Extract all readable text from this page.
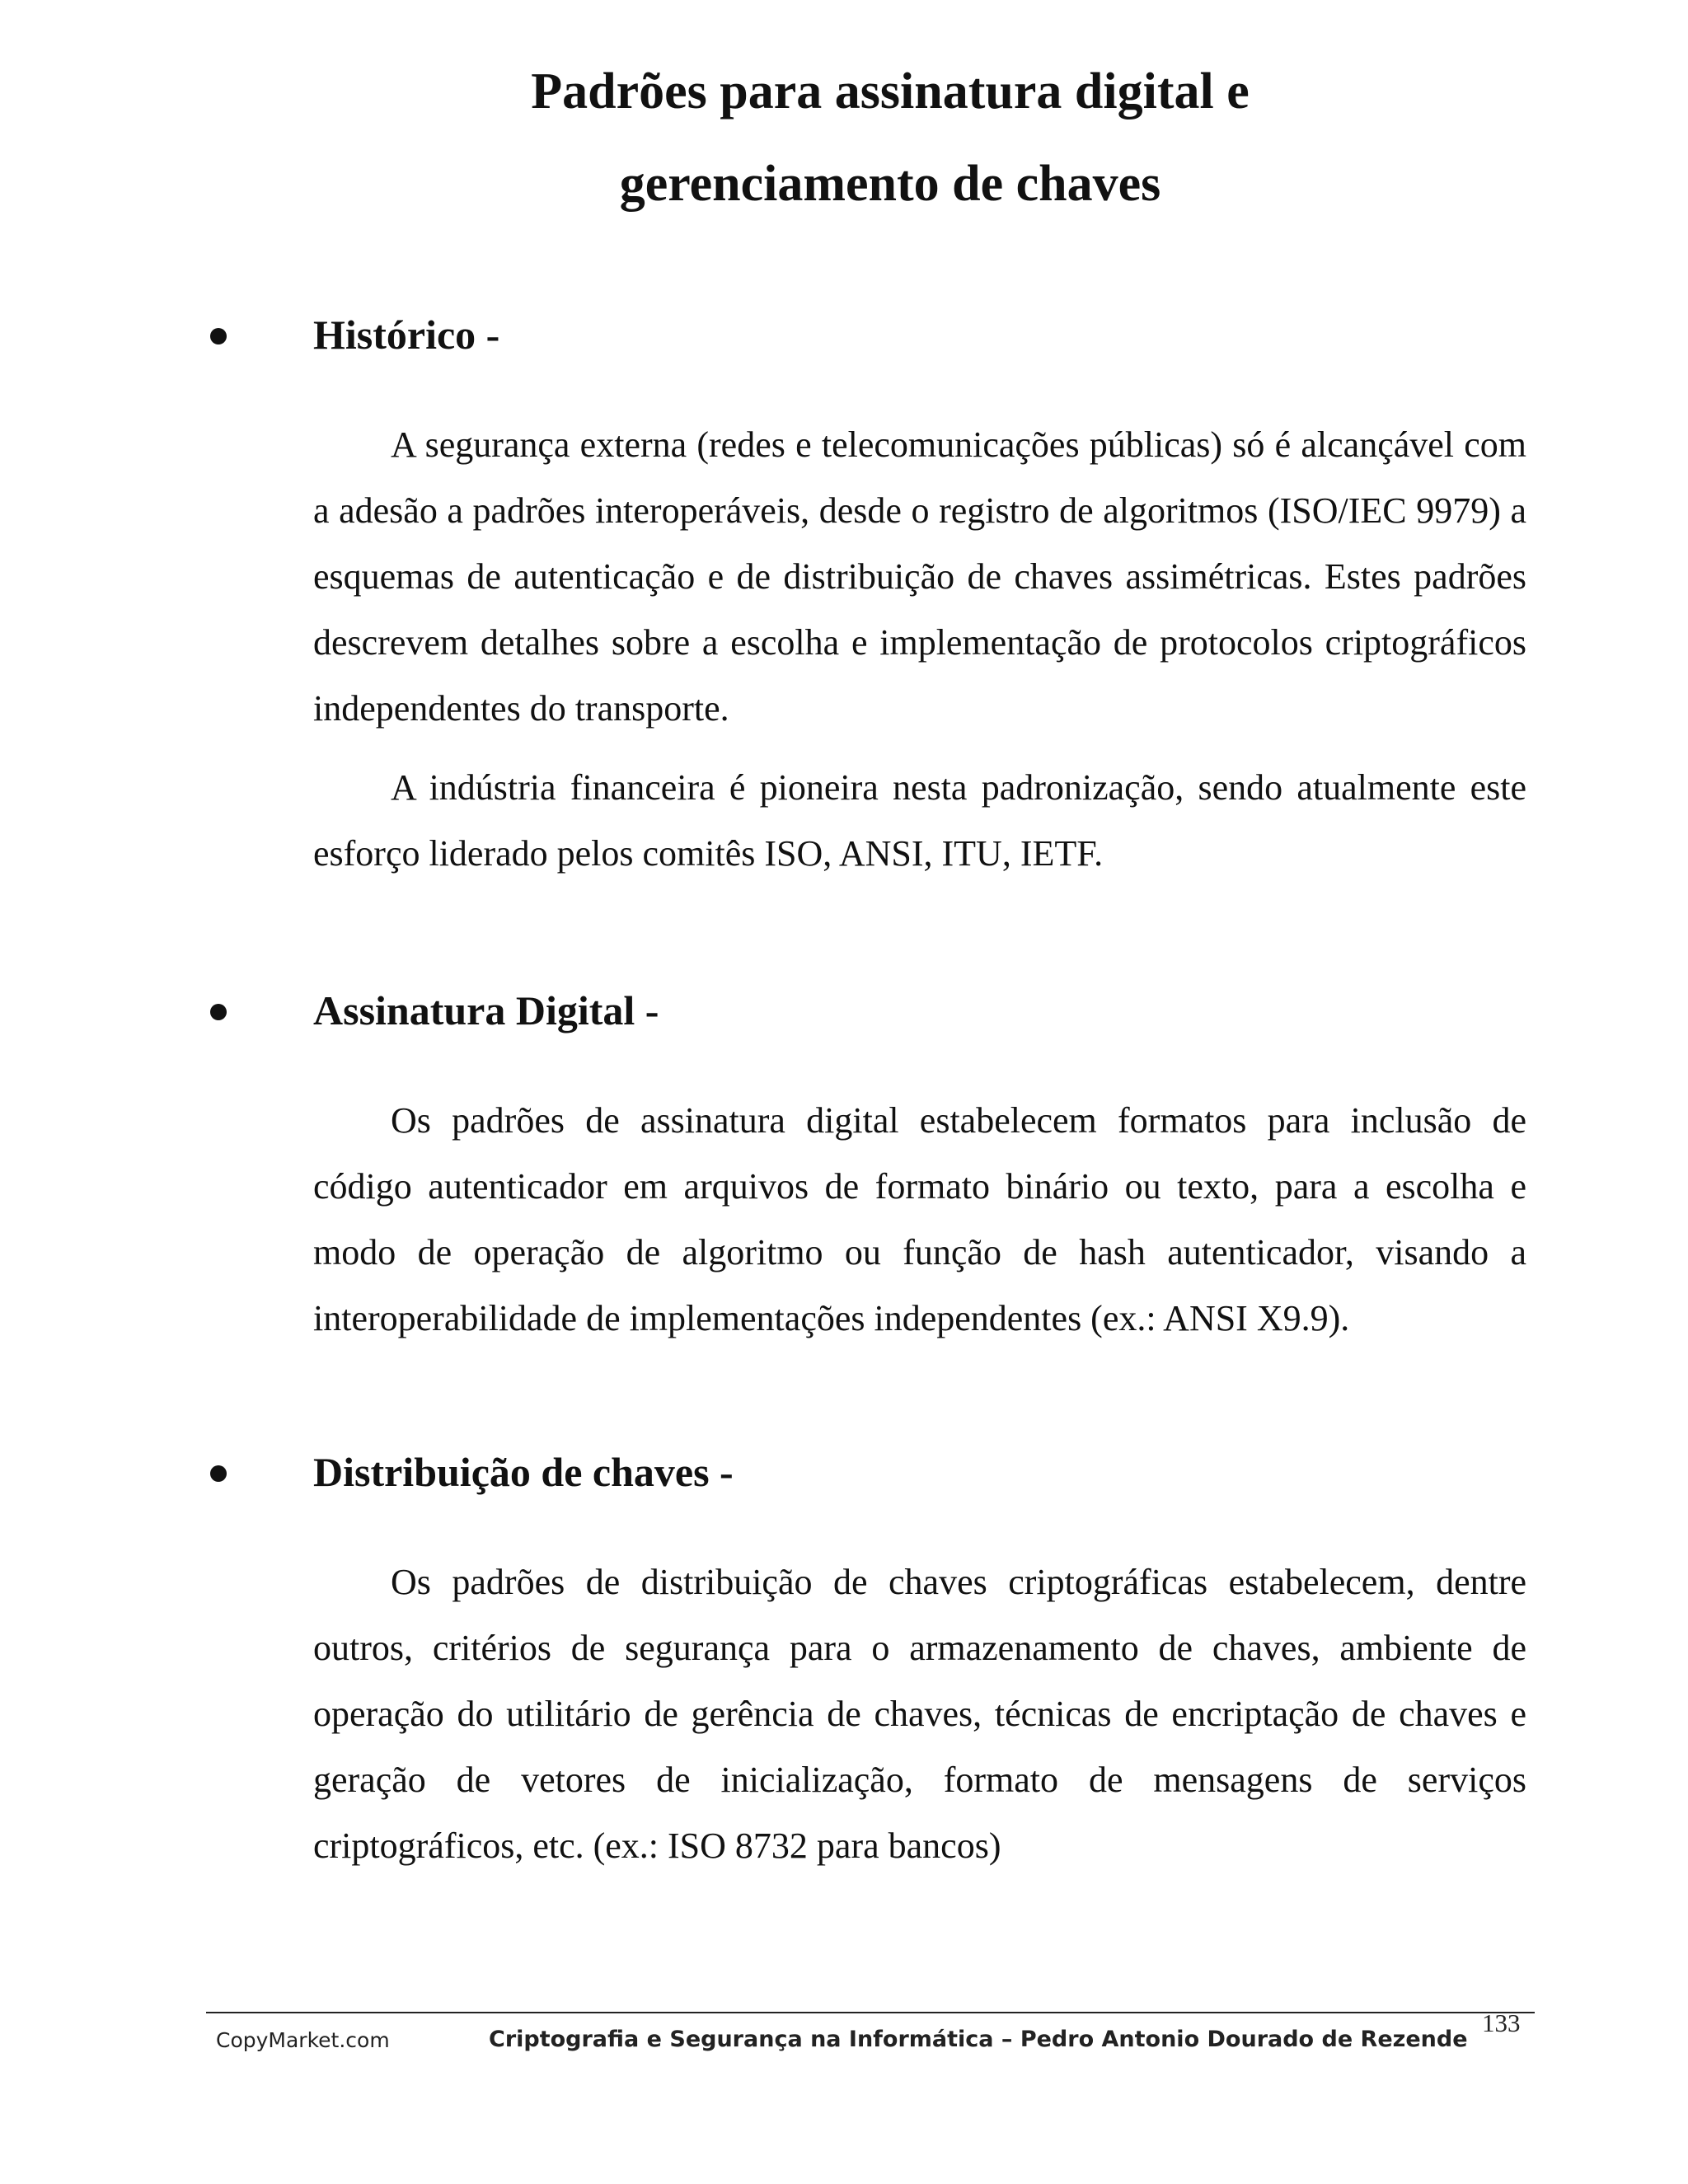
Padrões para assinatura digital e
gerenciamento de chaves
Histórico -

A segurança externa (redes e telecomunicações públicas) só é alcançável com a adesão a padrões interoperáveis, desde o registro de algoritmos (ISO/IEC 9979) a esquemas de autenticação e de distribuição de chaves assimétricas. Estes padrões descrevem detalhes sobre a escolha e implementação de protocolos criptográficos independentes do transporte.

A indústria financeira é pioneira nesta padronização, sendo atualmente este esforço liderado pelos comitês ISO, ANSI, ITU, IETF.

Assinatura Digital -

Os padrões de assinatura digital estabelecem formatos para inclusão de código autenticador em arquivos de formato binário ou texto, para a escolha e modo de operação de algoritmo ou função de hash autenticador, visando a interoperabilidade de implementações independentes (ex.: ANSI X9.9).

Distribuição de chaves -

Os padrões de distribuição de chaves criptográficas estabelecem, dentre outros, critérios de segurança para o armazenamento de chaves, ambiente de operação do utilitário de gerência de chaves, técnicas de encriptação de chaves e geração de vetores de inicialização, formato de mensagens de serviços criptográficos, etc. (ex.: ISO 8732 para bancos)

CopyMarket.com	Criptografia e Segurança na Informática – Pedro Antonio Dourado de Rezende
133
